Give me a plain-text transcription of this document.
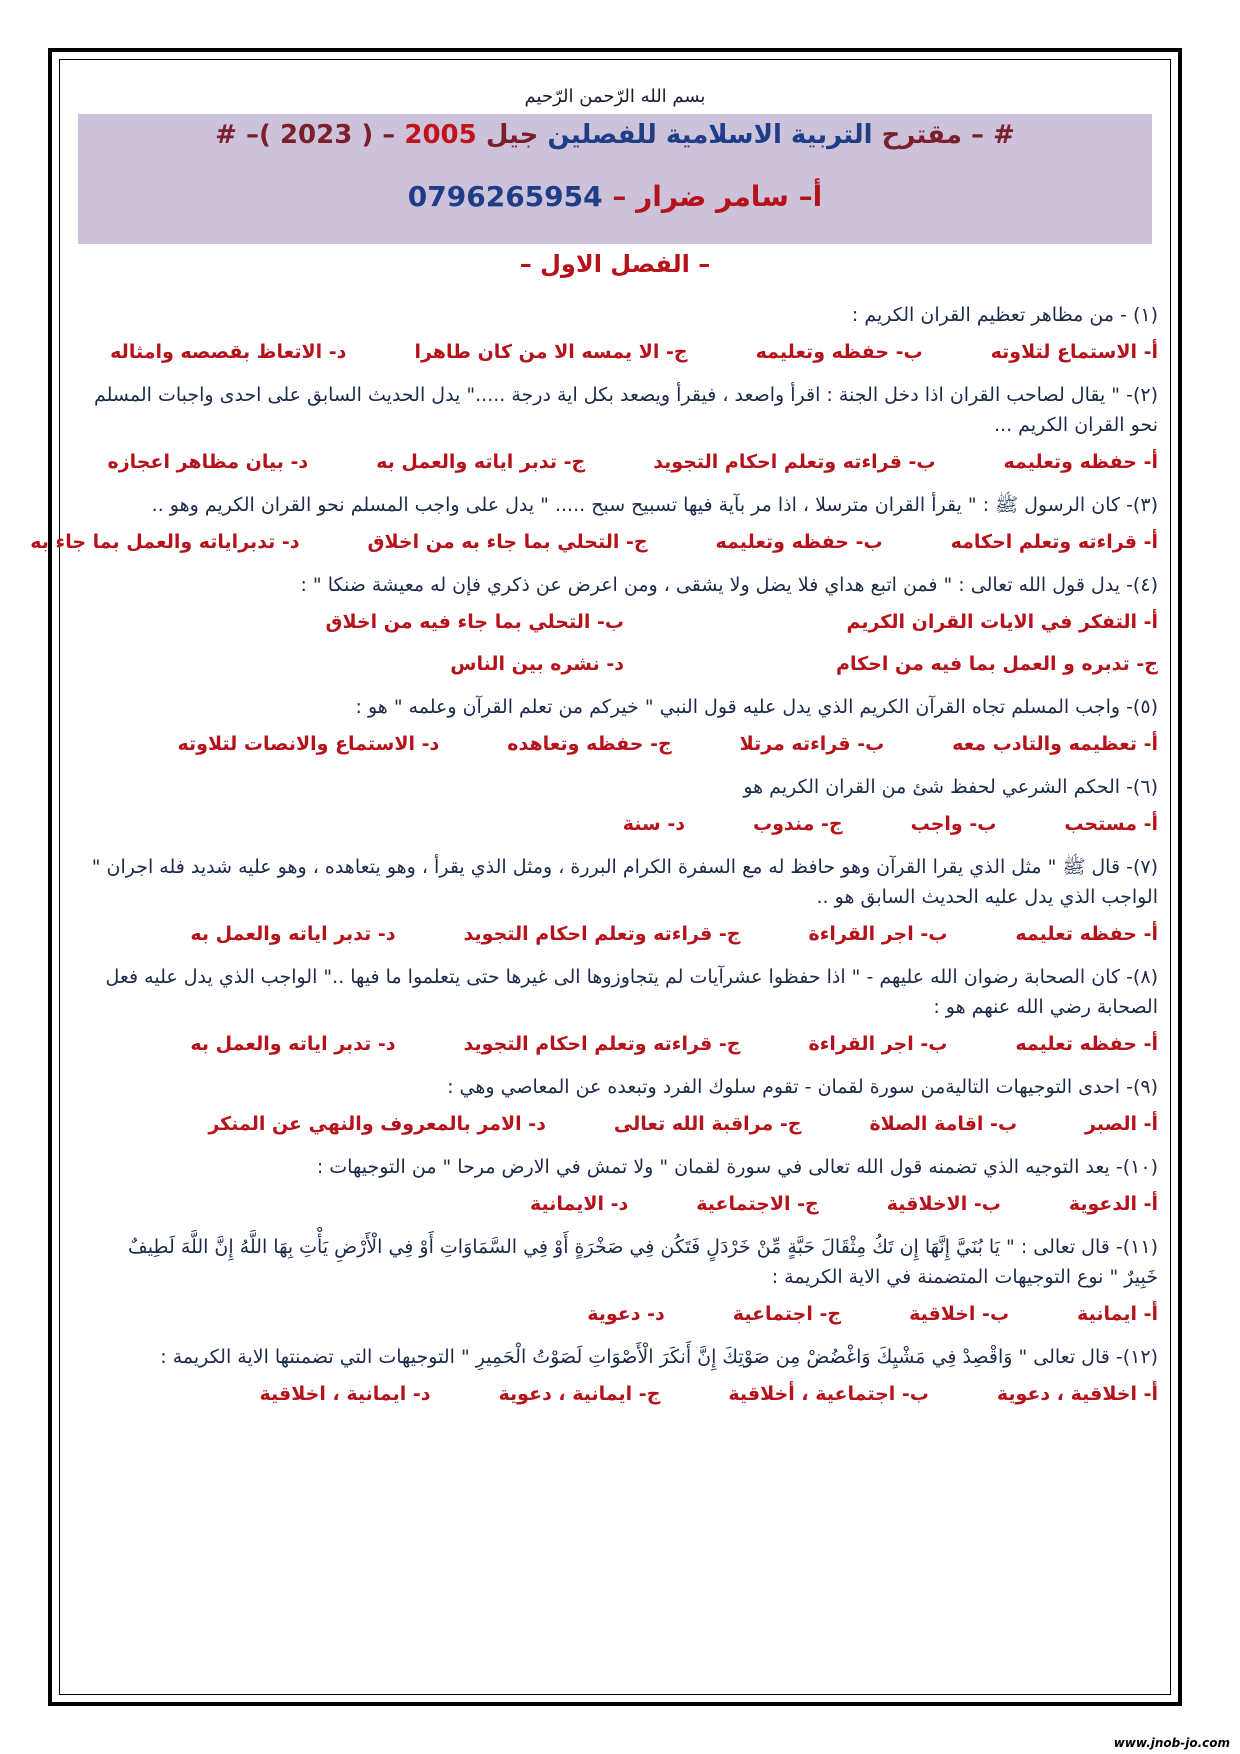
بسم الله الرّحمن الرّحيم
# – مقترح التربية الاسلامية للفصلين جيل 2005 – ( 2023 )– #
أ– سامر ضرار – 0796265954
– الفصل الاول –
(١) - من مظاهر تعظيم القران الكريم :
أ- الاستماع لتلاوته
ب- حفظه وتعليمه
ج- الا يمسه الا من كان طاهرا
د- الاتعاظ بقصصه وامثاله
(٢)- " يقال لصاحب القران اذا دخل الجنة : اقرأ واصعد ، فيقرأ ويصعد بكل اية درجة ....." يدل الحديث السابق على احدى واجبات المسلم نحو القران الكريم ...
أ- حفظه وتعليمه
ب- قراءته وتعلم احكام التجويد
ج- تدبر اياته والعمل به
د- بيان مظاهر اعجازه
(٣)- كان الرسول ﷺ : " يقرأ القران مترسلا ، اذا مر بآية فيها تسبيح سبح ..... " يدل على واجب المسلم نحو القران الكريم وهو ..
أ- قراءته وتعلم احكامه
ب- حفظه وتعليمه
ج- التحلي بما جاء به من اخلاق
د- تدبراياته والعمل بما جاء به
(٤)- يدل قول الله تعالى : " فمن اتبع هداي فلا يضل ولا يشقى ، ومن اعرض عن ذكري فإن له معيشة ضنكا " :
أ- التفكر في الايات القران الكريم
ب- التحلي بما جاء فيه من اخلاق
ج- تدبره و العمل بما فيه من احكام
د- نشره بين الناس
(٥)- واجب المسلم تجاه القرآن الكريم الذي يدل عليه قول النبي " خيركم من تعلم القرآن وعلمه " هو :
أ- تعظيمه والتادب معه
ب- قراءته مرتلا
ج- حفظه وتعاهده
د- الاستماع والانصات لتلاوته
(٦)- الحكم الشرعي لحفظ شئ من القران الكريم هو
أ- مستحب
ب- واجب
ج- مندوب
د- سنة
(٧)- قال ﷺ " مثل الذي يقرا القرآن وهو حافظ له مع السفرة الكرام البررة ، ومثل الذي يقرأ ، وهو يتعاهده ، وهو عليه شديد فله اجران " الواجب الذي يدل عليه الحديث السابق هو ..
أ- حفظه تعليمه
ب- اجر القراءة
ج- قراءته وتعلم احكام التجويد
د- تدبر اياته والعمل به
(٨)- كان الصحابة رضوان الله عليهم - " اذا حفظوا عشرآيات لم يتجاوزوها الى غيرها حتى يتعلموا ما فيها .." الواجب الذي يدل عليه فعل الصحابة رضي الله عنهم هو :
أ- حفظه تعليمه
ب- اجر القراءة
ج- قراءته وتعلم احكام التجويد
د- تدبر اياته والعمل به
(٩)- احدى التوجيهات التاليةمن سورة لقمان - تقوم سلوك الفرد وتبعده عن المعاصي وهي :
أ- الصبر
ب- اقامة الصلاة
ج- مراقبة الله تعالى
د- الامر بالمعروف والنهي عن المنكر
(١٠)- يعد التوجيه الذي تضمنه قول الله تعالى في سورة لقمان " ولا تمش في الارض مرحا " من التوجيهات :
أ- الدعوية
ب- الاخلاقية
ج- الاجتماعية
د- الايمانية
(١١)- قال تعالى : " يَا بُنَيَّ إِنَّهَا إِن تَكُ مِثْقَالَ حَبَّةٍ مِّنْ خَرْدَلٍ فَتَكُن فِي صَخْرَةٍ أَوْ فِي السَّمَاوَاتِ أَوْ فِي الْأَرْضِ يَأْتِ بِهَا اللَّهُ إِنَّ اللَّهَ لَطِيفٌ خَبِيرٌ " نوع التوجيهات المتضمنة في الاية الكريمة :
أ- ايمانية
ب- اخلاقية
ج- اجتماعية
د- دعوية
(١٢)- قال تعالى " وَاقْصِدْ فِي مَشْيِكَ وَاغْضُضْ مِن صَوْتِكَ إِنَّ أَنكَرَ الْأَصْوَاتِ لَصَوْتُ الْحَمِيرِ " التوجيهات التي تضمنتها الاية الكريمة :
أ- اخلاقية ، دعوية
ب- اجتماعية ، أخلاقية
ج- ايمانية ، دعوية
د- ايمانية ، اخلاقية
www.jnob-jo.com
